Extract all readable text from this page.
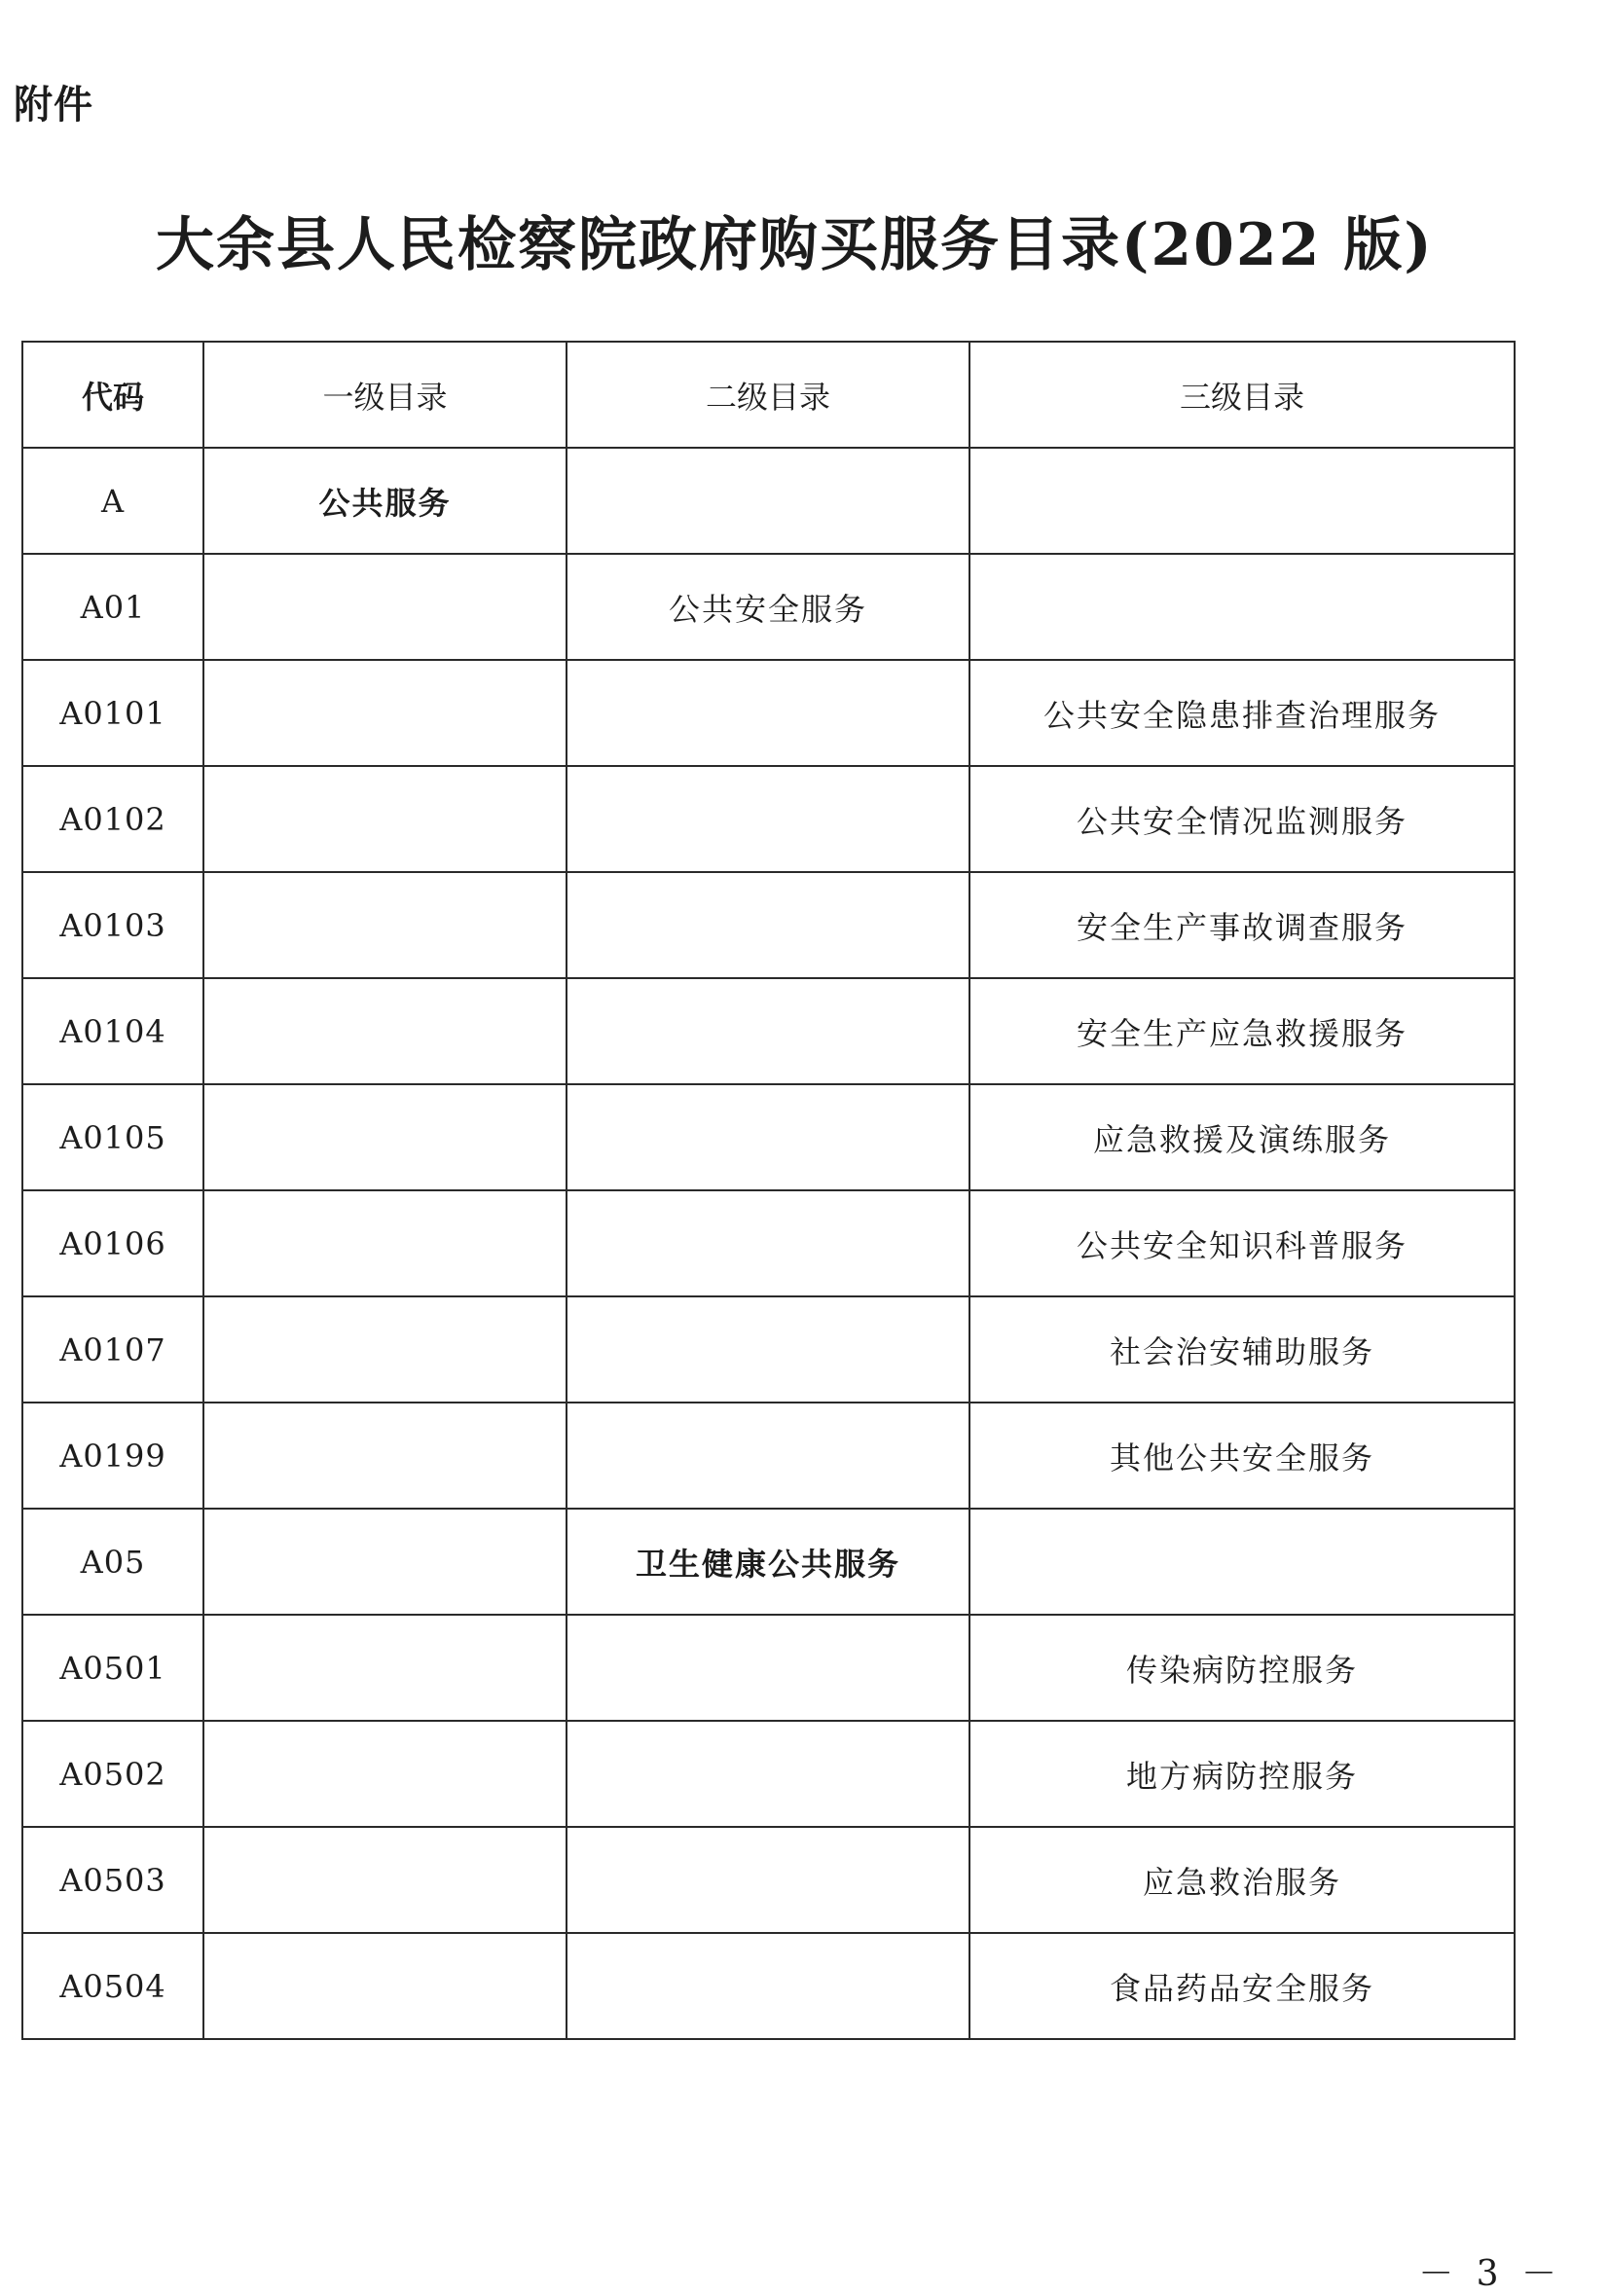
附件
大余县人民检察院政府购买服务目录(2022 版)
代码	一级目录	二级目录	三级目录
A	公共服务		
A01		公共安全服务	
A0101			公共安全隐患排查治理服务
A0102			公共安全情况监测服务
A0103			安全生产事故调查服务
A0104			安全生产应急救援服务
A0105			应急救援及演练服务
A0106			公共安全知识科普服务
A0107			社会治安辅助服务
A0199			其他公共安全服务
A05		卫生健康公共服务	
A0501			传染病防控服务
A0502			地方病防控服务
A0503			应急救治服务
A0504			食品药品安全服务
－ 3 －
